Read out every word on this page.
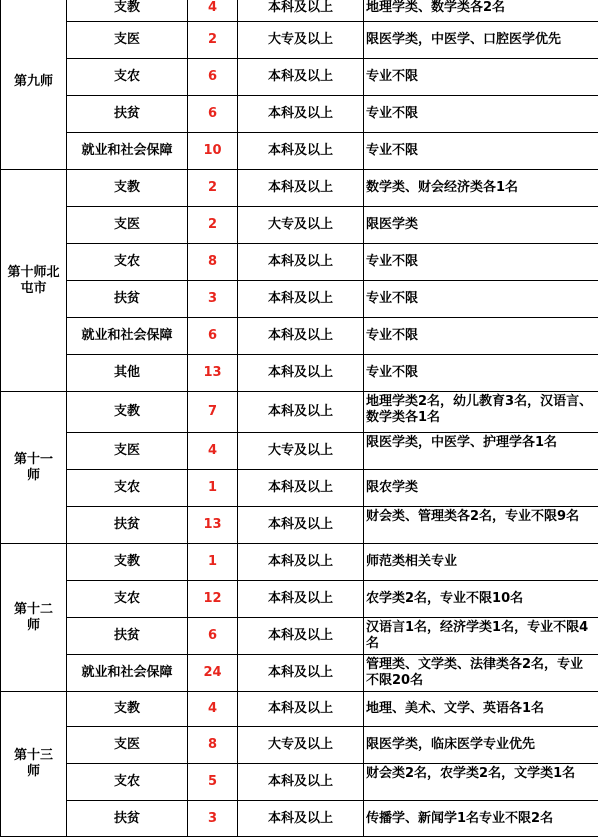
第九师	支教	4	本科及以上	地理学类、数学类各2名
	支医	2	大专及以上	限医学类，中医学、口腔医学优先
	支农	6	本科及以上	专业不限
	扶贫	6	本科及以上	专业不限
	就业和社会保障	10	本科及以上	专业不限
第十师北屯市	支教	2	本科及以上	数学类、财会经济类各1名
	支医	2	大专及以上	限医学类
	支农	8	本科及以上	专业不限
	扶贫	3	本科及以上	专业不限
	就业和社会保障	6	本科及以上	专业不限
	其他	13	本科及以上	专业不限
第十一师	支教	7	本科及以上	地理学类2名，幼儿教育3名，汉语言、数学类各1名
	支医	4	大专及以上	限医学类，中医学、护理学各1名
	支农	1	本科及以上	限农学类
	扶贫	13	本科及以上	财会类、管理类各2名，专业不限9名
第十二师	支教	1	本科及以上	师范类相关专业
	支农	12	本科及以上	农学类2名，专业不限10名
	扶贫	6	本科及以上	汉语言1名，经济学类1名，专业不限4名
	就业和社会保障	24	本科及以上	管理类、文学类、法律类各2名，专业不限20名
第十三师	支教	4	本科及以上	地理、美术、文学、英语各1名
	支医	8	大专及以上	限医学类，临床医学专业优先
	支农	5	本科及以上	财会类2名，农学类2名，文学类1名
	扶贫	3	本科及以上	传播学、新闻学1名专业不限2名
